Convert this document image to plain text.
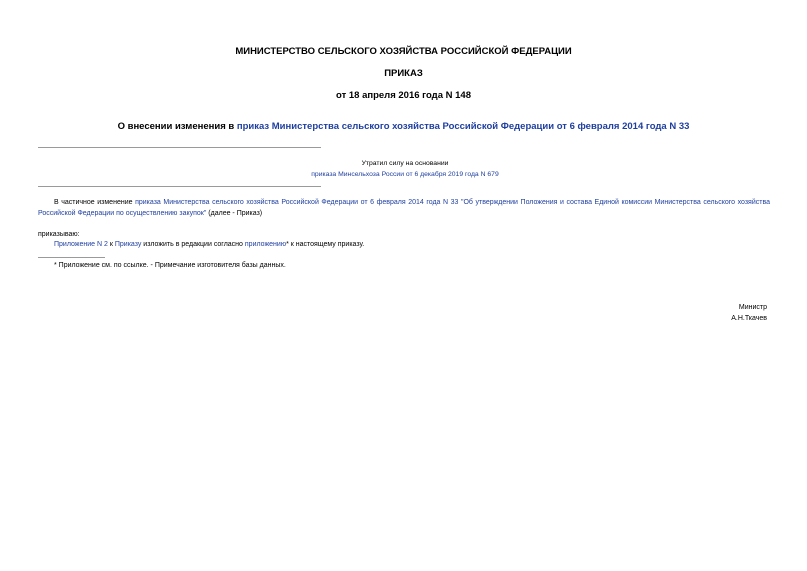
МИНИСТЕРСТВО СЕЛЬСКОГО ХОЗЯЙСТВА РОССИЙСКОЙ ФЕДЕРАЦИИ
ПРИКАЗ
от 18 апреля 2016 года N 148
О внесении изменения в приказ Министерства сельского хозяйства Российской Федерации от 6 февраля 2014 года N 33
Утратил силу на основании
приказа Минсельхоза России от 6 декабря 2019 года N 679
В частичное изменение приказа Министерства сельского хозяйства Российской Федерации от 6 февраля 2014 года N 33 "Об утверждении Положения и состава Единой комиссии Министерства сельского хозяйства Российской Федерации по осуществлению закупок" (далее - Приказ)
приказываю:
Приложение N 2 к Приказу изложить в редакции согласно приложению* к настоящему приказу.
* Приложение см. по ссылке. - Примечание изготовителя базы данных.
Министр
А.Н.Ткачев
